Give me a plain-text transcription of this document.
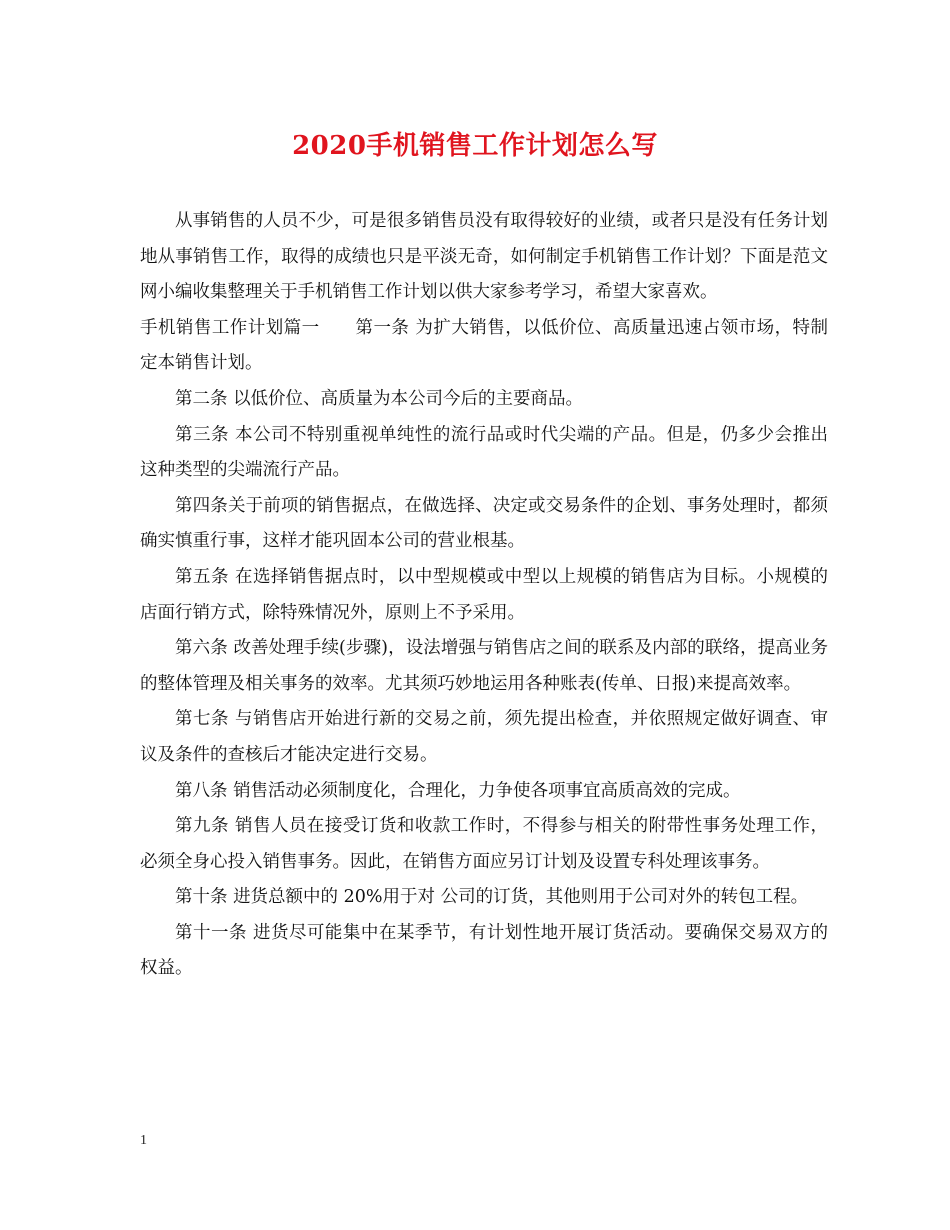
2020手机销售工作计划怎么写

从事销售的人员不少，可是很多销售员没有取得较好的业绩，或者只是没有任务计划地从事销售工作，取得的成绩也只是平淡无奇，如何制定手机销售工作计划？下面是范文网小编收集整理关于手机销售工作计划以供大家参考学习，希望大家喜欢。

手机销售工作计划篇一　　第一条 为扩大销售，以低价位、高质量迅速占领市场，特制定本销售计划。

第二条 以低价位、高质量为本公司今后的主要商品。

第三条 本公司不特别重视单纯性的流行品或时代尖端的产品。但是，仍多少会推出这种类型的尖端流行产品。

第四条关于前项的销售据点，在做选择、决定或交易条件的企划、事务处理时，都须确实慎重行事，这样才能巩固本公司的营业根基。

第五条 在选择销售据点时，以中型规模或中型以上规模的销售店为目标。小规模的店面行销方式，除特殊情况外，原则上不予采用。

第六条 改善处理手续(步骤)，设法增强与销售店之间的联系及内部的联络，提高业务的整体管理及相关事务的效率。尤其须巧妙地运用各种账表(传单、日报)来提高效率。

第七条 与销售店开始进行新的交易之前，须先提出检查，并依照规定做好调查、审议及条件的查核后才能决定进行交易。

第八条 销售活动必须制度化，合理化，力争使各项事宜高质高效的完成。

第九条 销售人员在接受订货和收款工作时，不得参与相关的附带性事务处理工作，必须全身心投入销售事务。因此，在销售方面应另订计划及设置专科处理该事务。

第十条 进货总额中的 20%用于对 公司的订货，其他则用于公司对外的转包工程。

第十一条 进货尽可能集中在某季节，有计划性地开展订货活动。要确保交易双方的权益。

1
